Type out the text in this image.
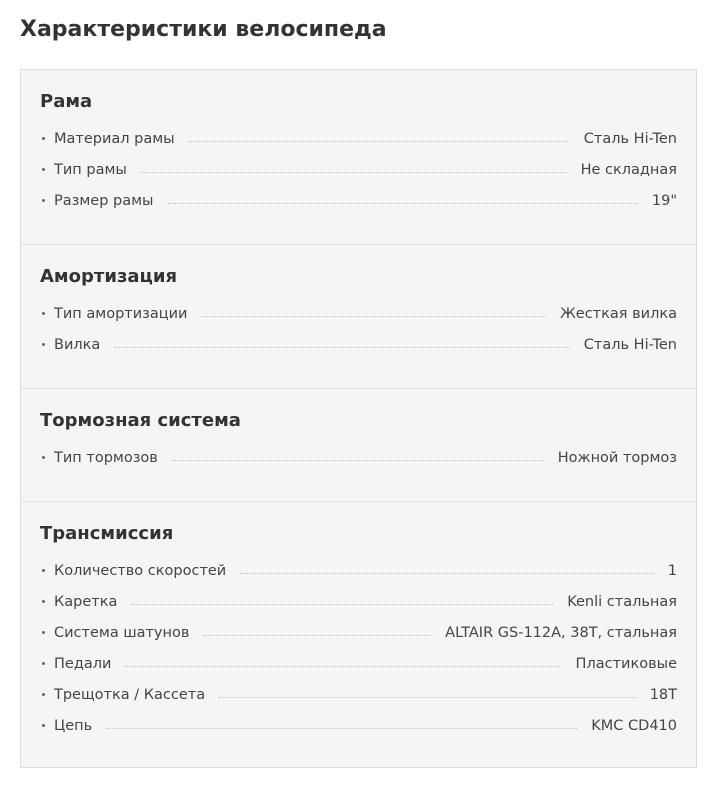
Характеристики велосипеда
Рама
Материал рамы	Сталь Hi-Ten
Тип рамы	Не складная
Размер рамы	19"
Амортизация
Тип амортизации	Жесткая вилка
Вилка	Сталь Hi-Ten
Тормозная система
Тип тормозов	Ножной тормоз
Трансмиссия
Количество скоростей	1
Каретка	Kenli стальная
Система шатунов	ALTAIR GS-112A, 38T, стальная
Педали	Пластиковые
Трещотка / Кассета	18T
Цепь	KMC CD410
